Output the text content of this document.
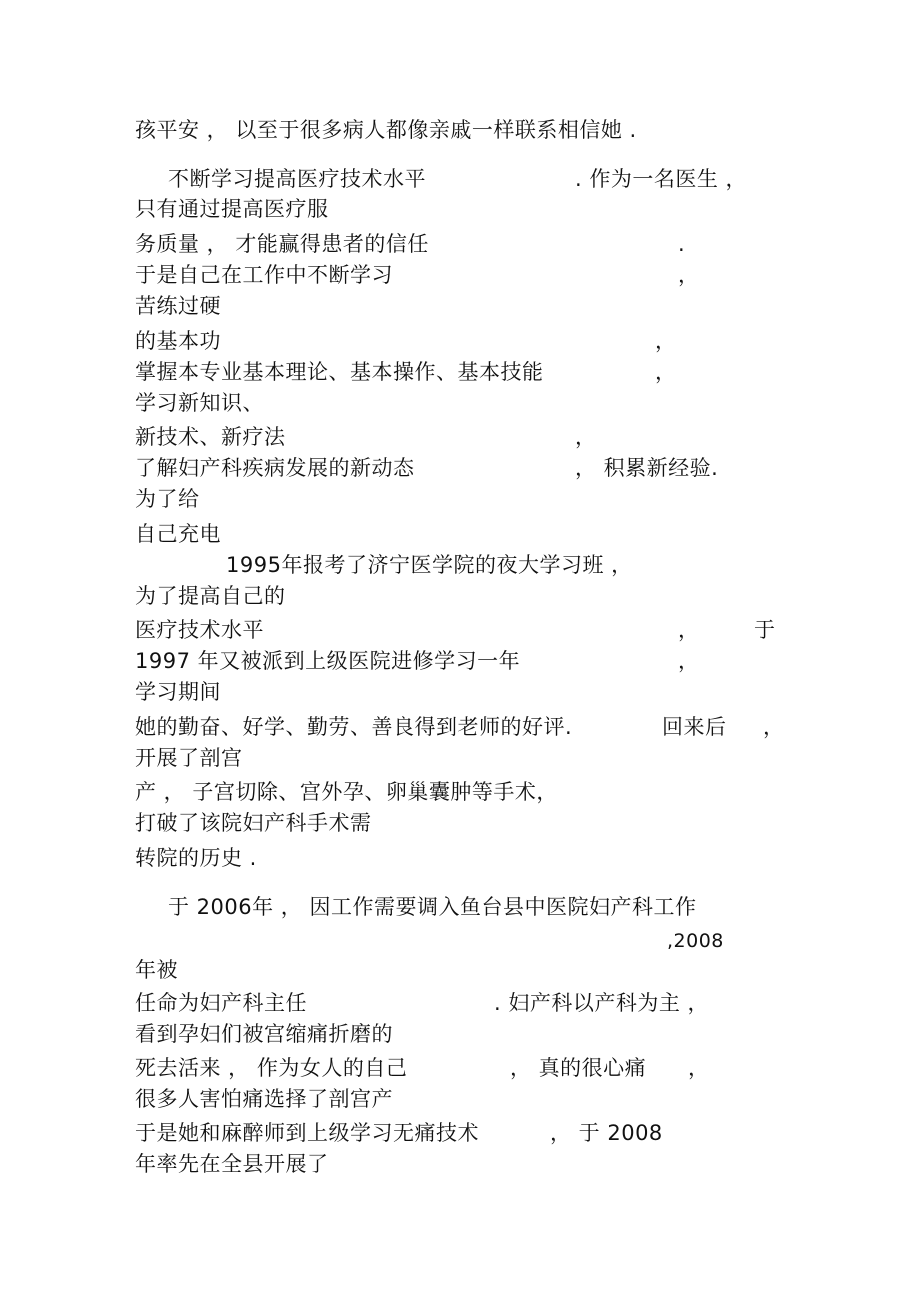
孩平安 ， 以至于很多病人都像亲戚一样联系相信她 .
不断学习提高医疗技术水平	. 作为一名医生 ，
只有通过提高医疗服
务质量 ， 才能赢得患者的信任	.
于是自己在工作中不断学习	，
苦练过硬
的基本功	，
掌握本专业基本理论、基本操作、基本技能	，
学习新知识、
新技术、新疗法	，
了解妇产科疾病发展的新动态	， 积累新经验.
为了给
自己充电
1995年报考了济宁医学院的夜大学习班 ，
为了提高自己的
医疗技术水平	，	于
1997 年又被派到上级医院进修学习一年	，
学习期间
她的勤奋、好学、勤劳、善良得到老师的好评.	回来后 ，
开展了剖宫
产 ， 子宫切除、宫外孕、卵巢囊肿等手术，
打破了该院妇产科手术需
转院的历史 .
于 2006年 ， 因工作需要调入鱼台县中医院妇产科工作
,2008
年被
任命为妇产科主任	. 妇产科以产科为主 ，
看到孕妇们被宫缩痛折磨的
死去活来 ， 作为女人的自己	， 真的很心痛 ，
很多人害怕痛选择了剖宫产
于是她和麻醉师到上级学习无痛技术	， 于 2008
年率先在全县开展了
